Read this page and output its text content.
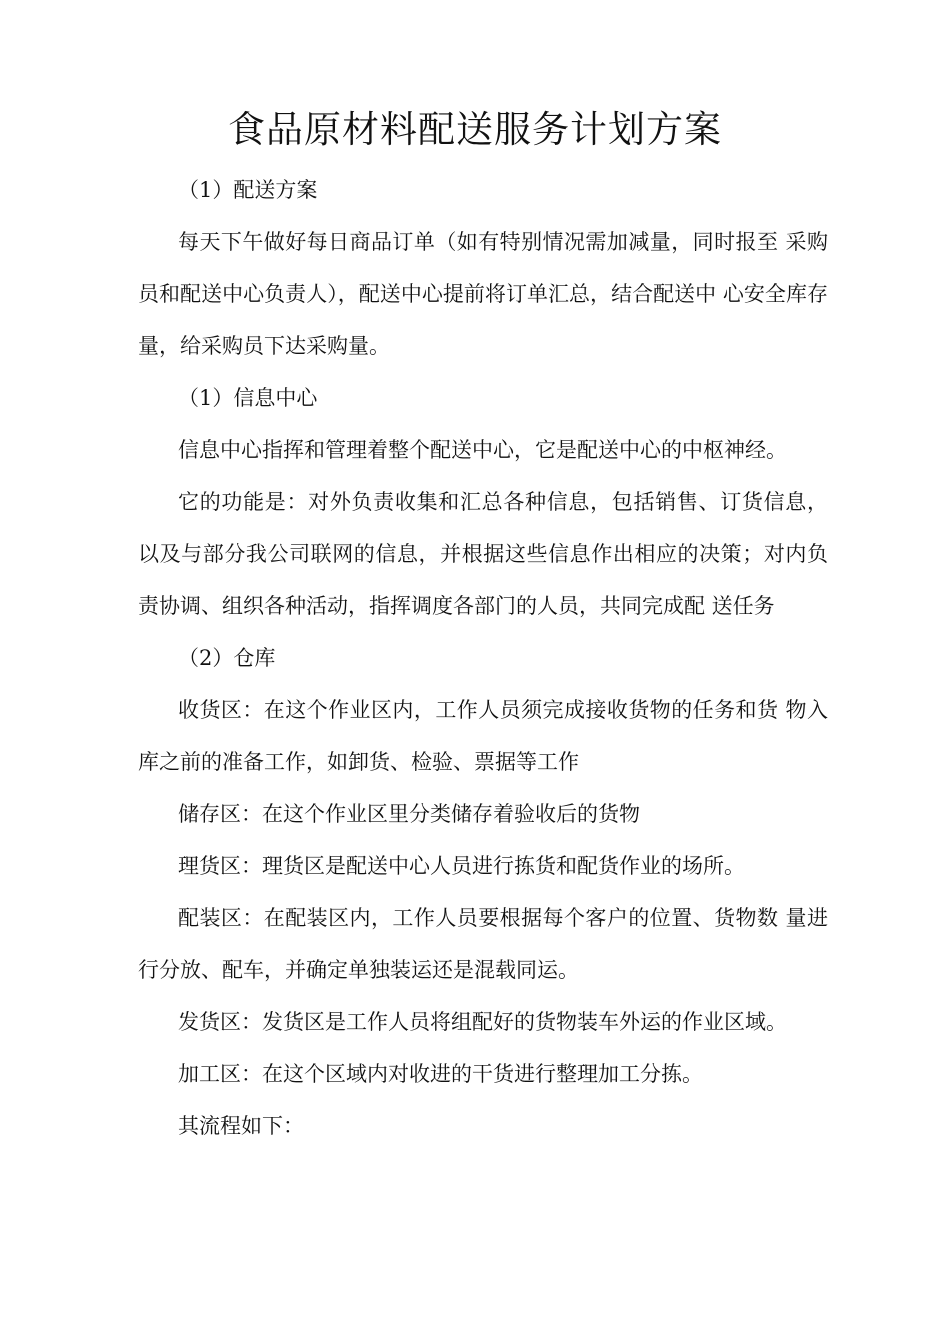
食品原材料配送服务计划方案

（1）配送方案

每天下午做好每日商品订单（如有特别情况需加减量，同时报至 采购员和配送中心负责人），配送中心提前将订单汇总，结合配送中 心安全库存量，给采购员下达采购量。

（1）信息中心

信息中心指挥和管理着整个配送中心，它是配送中心的中枢神经。

它的功能是：对外负责收集和汇总各种信息，包括销售、订货信息，以及与部分我公司联网的信息，并根据这些信息作出相应的决策；对内负责协调、组织各种活动，指挥调度各部门的人员，共同完成配 送任务

（2）仓库

收货区：在这个作业区内，工作人员须完成接收货物的任务和货 物入库之前的准备工作，如卸货、检验、票据等工作

储存区：在这个作业区里分类储存着验收后的货物

理货区：理货区是配送中心人员进行拣货和配货作业的场所。

配装区：在配装区内，工作人员要根据每个客户的位置、货物数 量进行分放、配车，并确定单独装运还是混载同运。

发货区：发货区是工作人员将组配好的货物装车外运的作业区域。

加工区：在这个区域内对收进的干货进行整理加工分拣。

其流程如下：
